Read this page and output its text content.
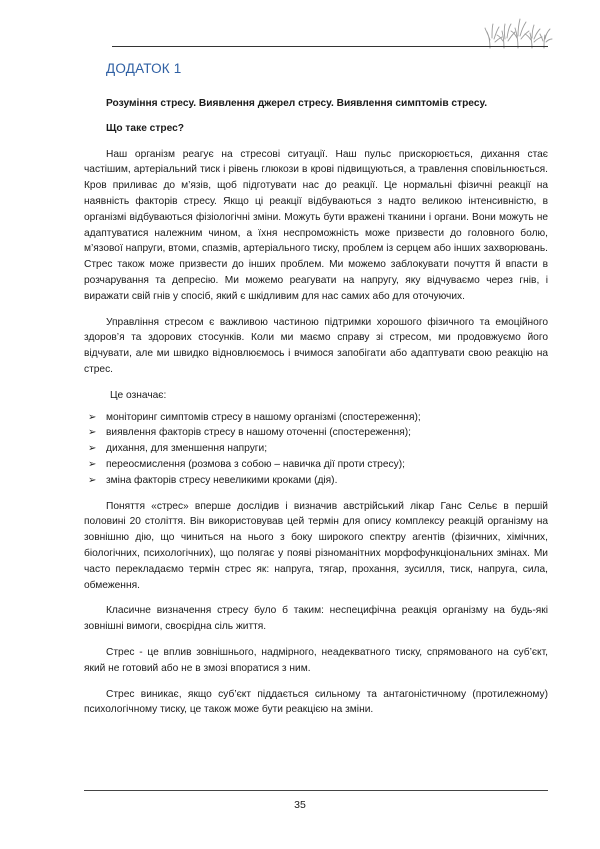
ДОДАТОК 1

Розуміння стресу. Виявлення джерел стресу. Виявлення симптомів стресу.

Що таке стрес?

Наш організм реагує на стресові ситуації. Наш пульс прискорюється, дихання стає частішим, артеріальний тиск і рівень глюкози в крові підвищуються, а травлення сповільнюється. Кров приливає до м’язів, щоб підготувати нас до реакції. Це нормальні фізичні реакції на наявність факторів стресу. Якщо ці реакції відбуваються з надто великою інтенсивністю, в організмі відбуваються фізіологічні зміни. Можуть бути вражені тканини і органи. Вони можуть не адаптуватися належним чином, а їхня неспроможність може призвести до головного болю, м’язової напруги, втоми, спазмів, артеріального тиску, проблем із серцем або інших захворювань. Стрес також може призвести до інших проблем. Ми можемо заблокувати почуття й впасти в розчарування та депресію. Ми можемо реагувати на напругу, яку відчуваємо через гнів, і виражати свій гнів у спосіб, який є шкідливим для нас самих або для оточуючих.

Управління стресом є важливою частиною підтримки хорошого фізичного та емоційного здоров’я та здорових стосунків. Коли ми маємо справу зі стресом, ми продовжуємо його відчувати, але ми швидко відновлюємось і вчимося запобігати або адаптувати свою реакцію на стрес.

Це означає:

➢ моніторинг симптомів стресу в нашому організмі (спостереження);
➢ виявлення факторів стресу в нашому оточенні (спостереження);
➢ дихання, для зменшення напруги;
➢ переосмислення (розмова з собою – навичка дії проти стресу);
➢ зміна факторів стресу невеликими кроками (дія).

Поняття «стрес» вперше дослідив і визначив австрійський лікар Ганс Сельє в першій половині 20 століття. Він використовував цей термін для опису комплексу реакцій організму на зовнішню дію, що чиниться на нього з боку широкого спектру агентів (фізичних, хімічних, біологічних, психологічних), що полягає у появі різноманітних морфофункціональних змінах. Ми часто перекладаємо термін стрес як: напруга, тягар, прохання, зусилля, тиск, напруга, сила, обмеження.

Класичне визначення стресу було б таким: неспецифічна реакція організму на будь-які зовнішні вимоги, своєрідна сіль життя.

Стрес - це вплив зовнішнього, надмірного, неадекватного тиску, спрямованого на суб’єкт, який не готовий або не в змозі впоратися з ним.

Стрес виникає, якщо суб’єкт піддається сильному та антагоністичному (протилежному) психологічному тиску, це також може бути реакцією на зміни.

35
